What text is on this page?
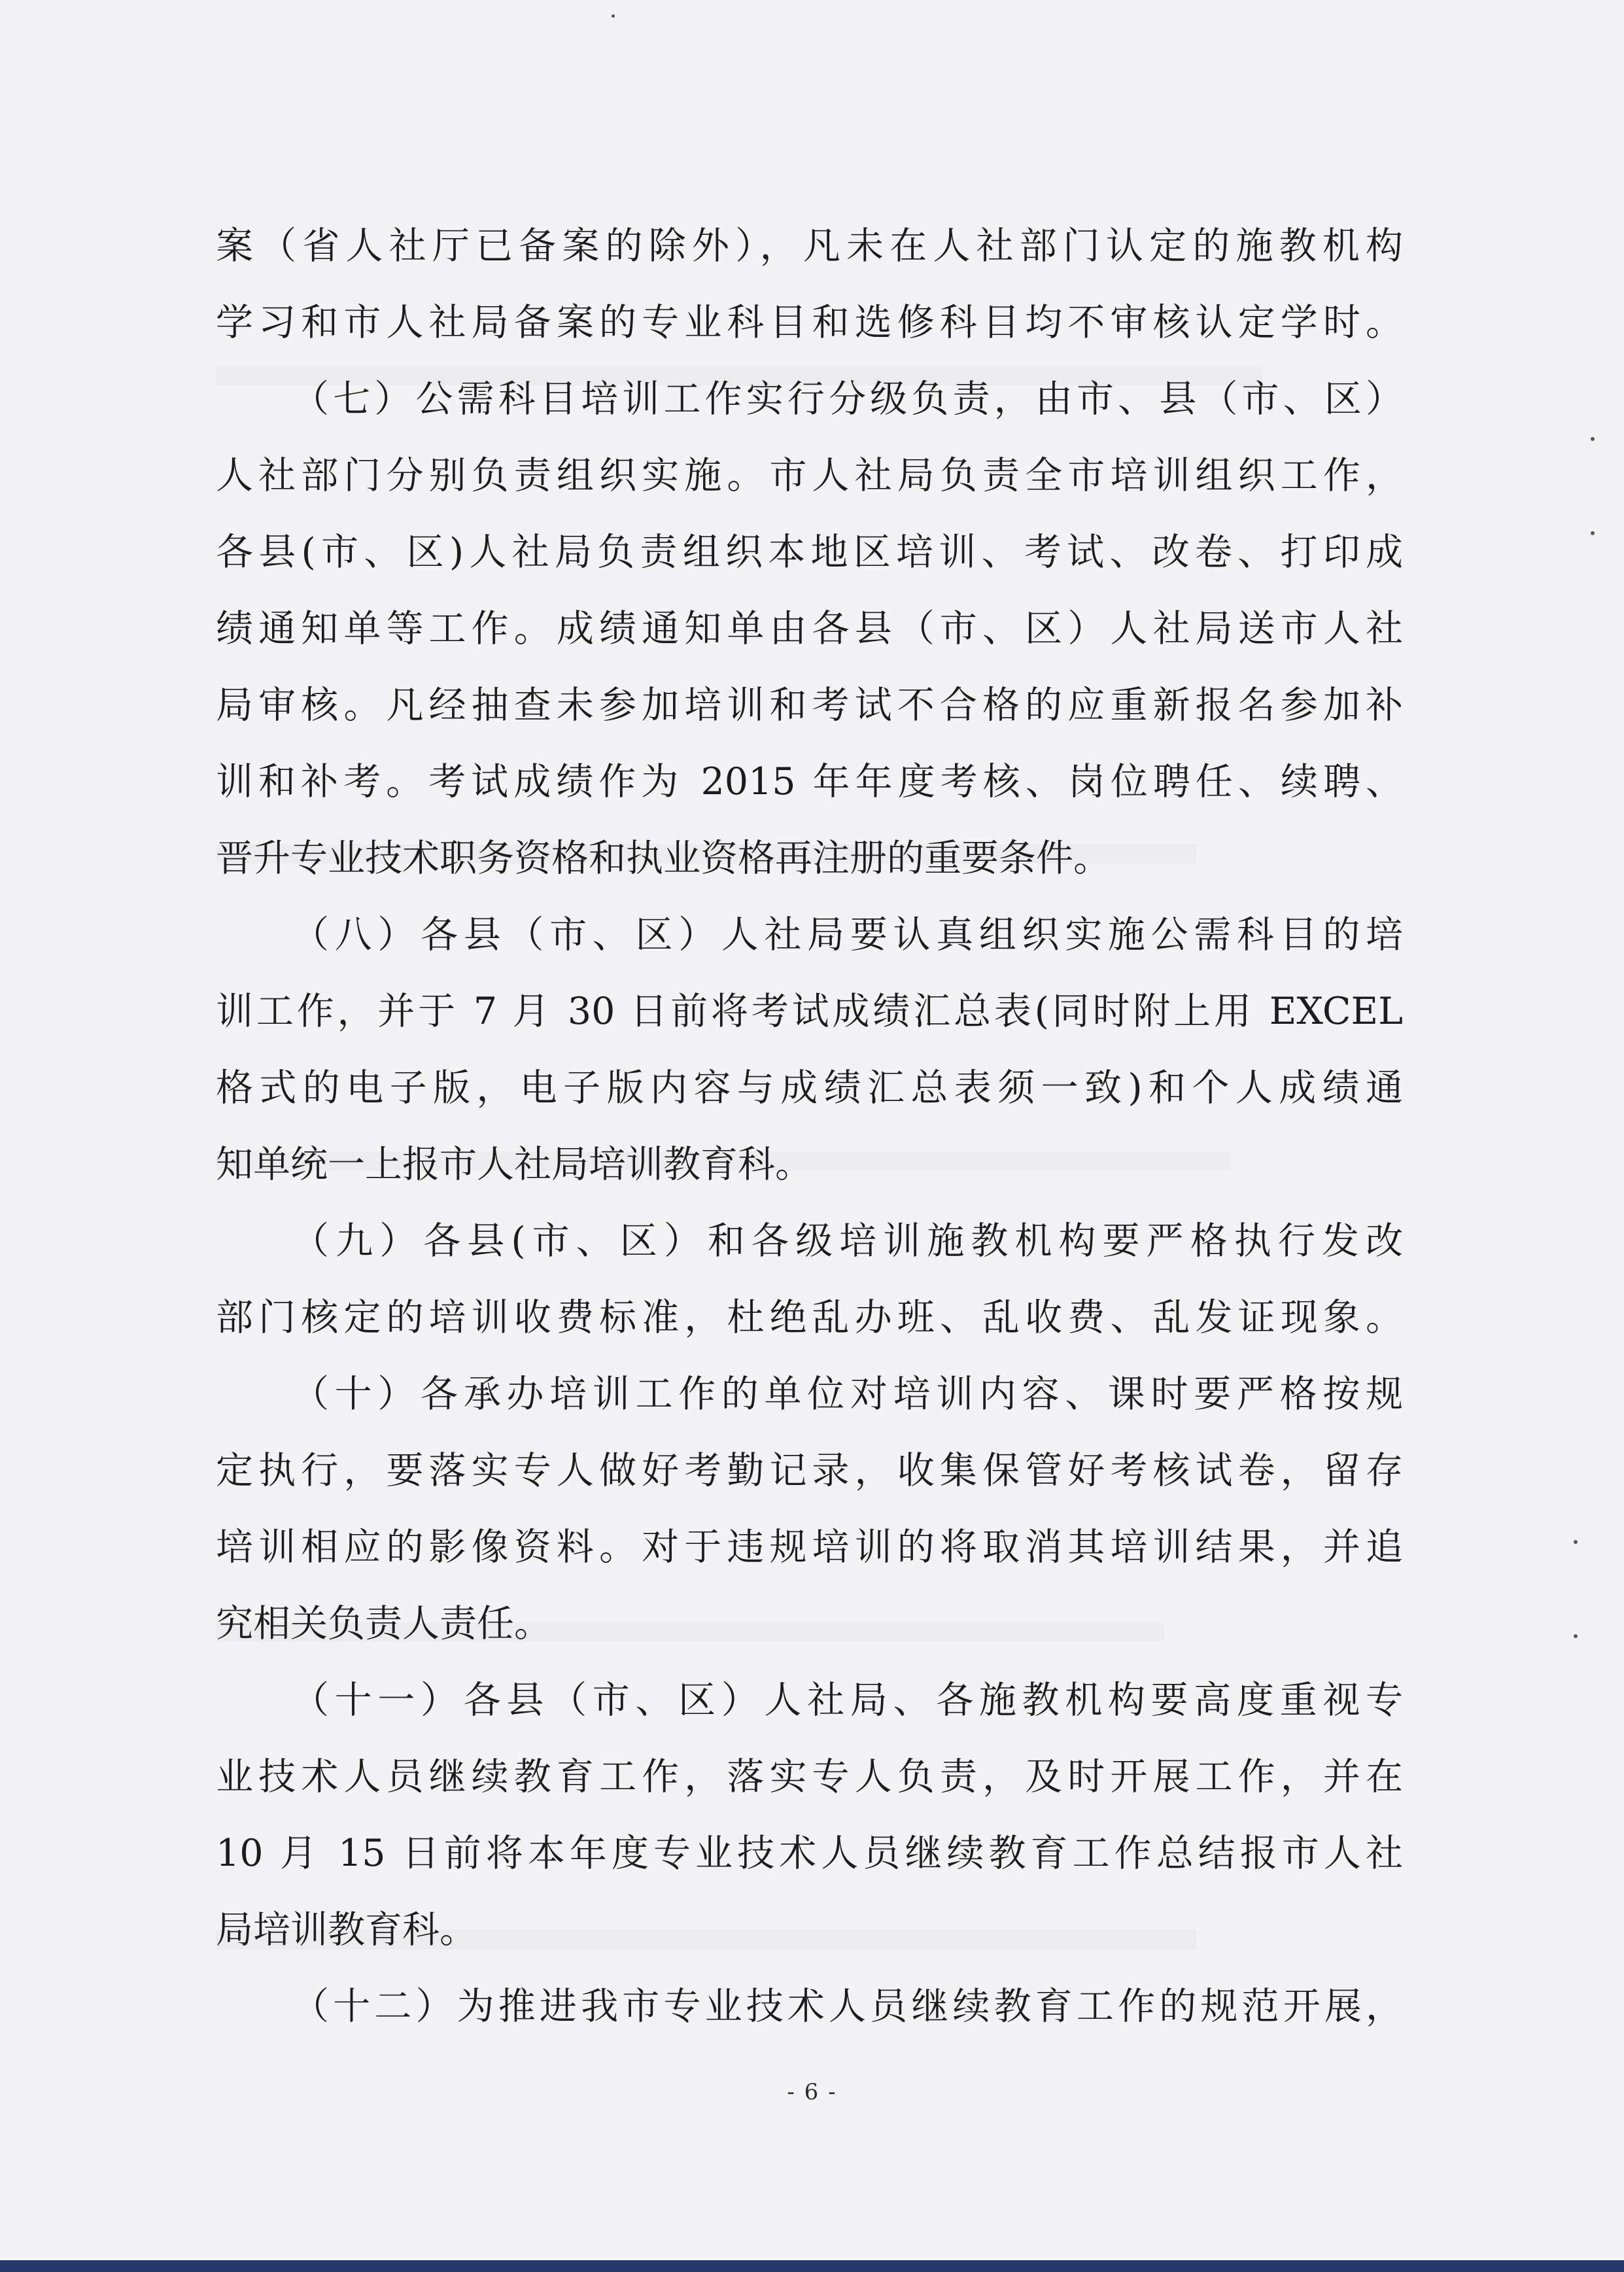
案（省人社厅已备案的除外），凡未在人社部门认定的施教机构
学习和市人社局备案的专业科目和选修科目均不审核认定学时。
（七）公需科目培训工作实行分级负责，由市、县（市、区）
人社部门分别负责组织实施。市人社局负责全市培训组织工作，
各县(市、区)人社局负责组织本地区培训、考试、改卷、打印成
绩通知单等工作。成绩通知单由各县（市、区）人社局送市人社
局审核。凡经抽查未参加培训和考试不合格的应重新报名参加补
训和补考。考试成绩作为 2015 年年度考核、岗位聘任、续聘、
晋升专业技术职务资格和执业资格再注册的重要条件。
（八）各县（市、区）人社局要认真组织实施公需科目的培
训工作，并于 7 月 30 日前将考试成绩汇总表(同时附上用 EXCEL
格式的电子版，电子版内容与成绩汇总表须一致)和个人成绩通
知单统一上报市人社局培训教育科。
（九）各县(市、区）和各级培训施教机构要严格执行发改
部门核定的培训收费标准，杜绝乱办班、乱收费、乱发证现象。
（十）各承办培训工作的单位对培训内容、课时要严格按规
定执行，要落实专人做好考勤记录，收集保管好考核试卷，留存
培训相应的影像资料。对于违规培训的将取消其培训结果，并追
究相关负责人责任。
（十一）各县（市、区）人社局、各施教机构要高度重视专
业技术人员继续教育工作，落实专人负责，及时开展工作，并在
10 月 15 日前将本年度专业技术人员继续教育工作总结报市人社
局培训教育科。
（十二）为推进我市专业技术人员继续教育工作的规范开展，
- 6 -
